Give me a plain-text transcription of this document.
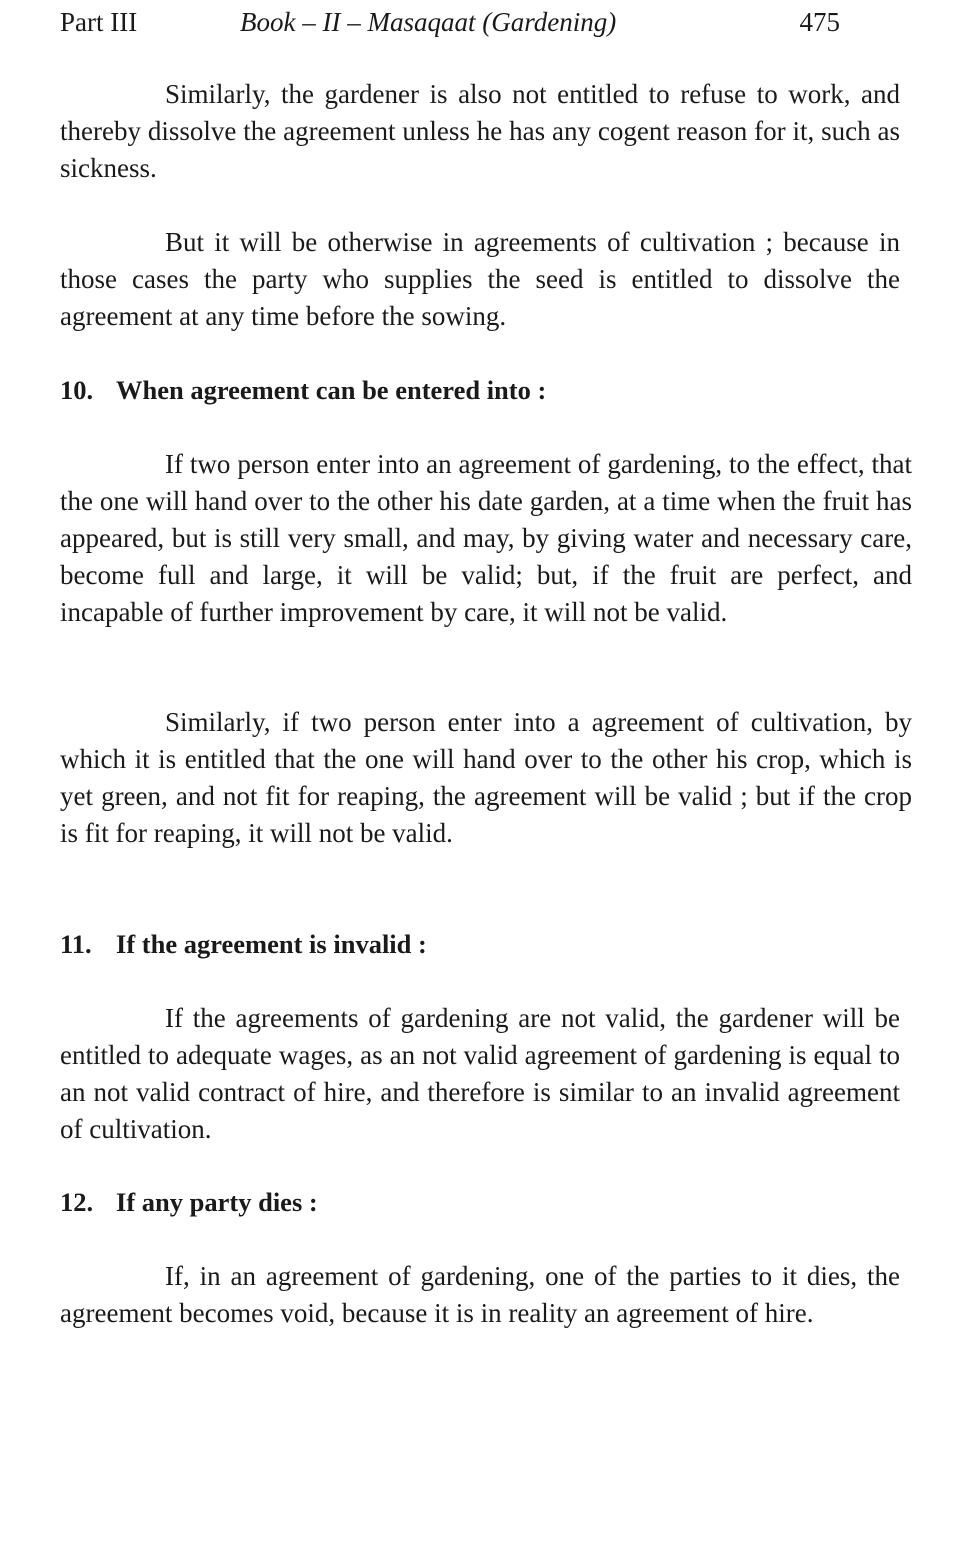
Part III	Book – II – Masaqaat (Gardening)	475

Similarly, the gardener is also not entitled to refuse to work, and thereby dissolve the agreement unless he has any cogent reason for it, such as sickness.

But it will be otherwise in agreements of cultivation ; because in those cases the party who supplies the seed is entitled to dissolve the agreement at any time before the sowing.

10. When agreement can be entered into :

If two person enter into an agreement of gardening, to the effect, that the one will hand over to the other his date garden, at a time when the fruit has appeared, but is still very small, and may, by giving water and necessary care, become full and large, it will be valid; but, if the fruit are perfect, and incapable of further improvement by care, it will not be valid.

Similarly, if two person enter into a agreement of cultivation, by which it is entitled that the one will hand over to the other his crop, which is yet green, and not fit for reaping, the agreement will be valid ; but if the crop is fit for reaping, it will not be valid.

11. If the agreement is invalid :

If the agreements of gardening are not valid, the gardener will be entitled to adequate wages, as an not valid agreement of gardening is equal to an not valid contract of hire, and therefore is similar to an invalid agreement of cultivation.

12. If any party dies :

If, in an agreement of gardening, one of the parties to it dies, the agreement becomes void, because it is in reality an agreement of hire.
